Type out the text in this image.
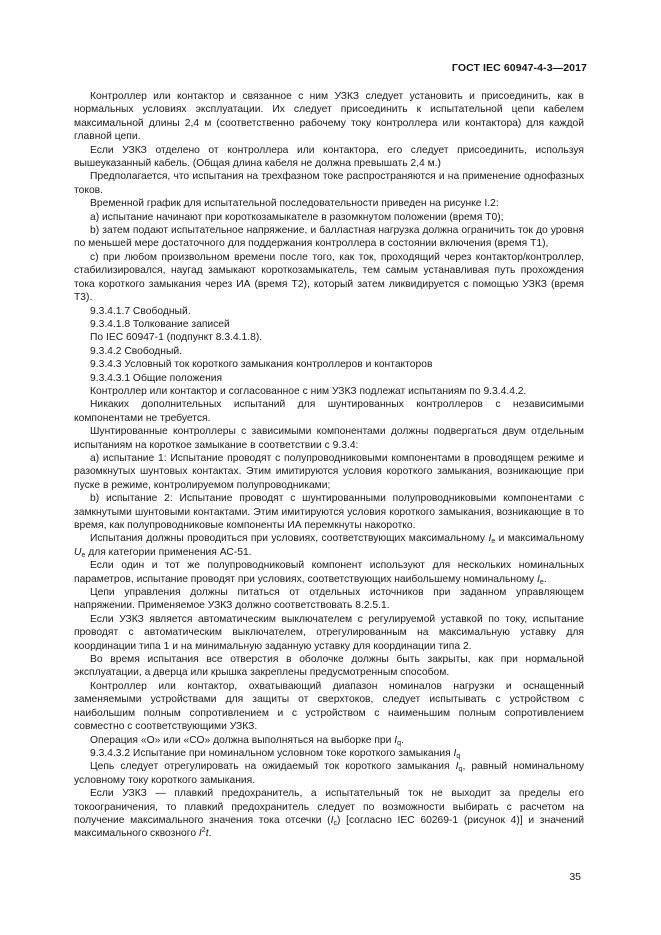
ГОСТ IEC 60947-4-3—2017

Контроллер или контактор и связанное с ним УЗКЗ следует установить и присоединить, как в нормальных условиях эксплуатации. Их следует присоединить к испытательной цепи кабелем максимальной длины 2,4 м (соответственно рабочему току контроллера или контактора) для каждой главной цепи.

Если УЗКЗ отделено от контроллера или контактора, его следует присоединить, используя вышеуказанный кабель. (Общая длина кабеля не должна превышать 2,4 м.)

Предполагается, что испытания на трехфазном токе распространяются и на применение однофазных токов.

Временной график для испытательной последовательности приведен на рисунке I.2:

а) испытание начинают при короткозамыкателе в разомкнутом положении (время Т0);

b) затем подают испытательное напряжение, и балластная нагрузка должна ограничить ток до уровня по меньшей мере достаточного для поддержания контроллера в состоянии включения (время Т1),

c) при любом произвольном времени после того, как ток, проходящий через контактор/контроллер, стабилизировался, наугад замыкают короткозамыкатель, тем самым устанавливая путь прохождения тока короткого замыкания через ИА (время Т2), который затем ликвидируется с помощью УЗКЗ (время Т3).

9.3.4.1.7 Свободный.

9.3.4.1.8 Толкование записей

По IEC 60947-1 (подпункт 8.3.4.1.8).

9.3.4.2 Свободный.

9.3.4.3 Условный ток короткого замыкания контроллеров и контакторов

9.3.4.3.1 Общие положения

Контроллер или контактор и согласованное с ним УЗКЗ подлежат испытаниям по 9.3.4.4.2.

Никаких дополнительных испытаний для шунтированных контроллеров с независимыми компонентами не требуется.

Шунтированные контроллеры с зависимыми компонентами должны подвергаться двум отдельным испытаниям на короткое замыкание в соответствии с 9.3.4:

а) испытание 1: Испытание проводят с полупроводниковыми компонентами в проводящем режиме и разомкнутых шунтовых контактах. Этим имитируются условия короткого замыкания, возникающие при пуске в режиме, контролируемом полупроводниками;

b) испытание 2: Испытание проводят с шунтированными полупроводниковыми компонентами с замкнутыми шунтовыми контактами. Этим имитируются условия короткого замыкания, возникающие в то время, как полупроводниковые компоненты ИА перемкнуты накоротко.

Испытания должны проводиться при условиях, соответствующих максимальному $I_e$ и максимальному $U_e$ для категории применения АС-51.

Если один и тот же полупроводниковый компонент используют для нескольких номинальных параметров, испытание проводят при условиях, соответствующих наибольшему номинальному $I_e$.

Цепи управления должны питаться от отдельных источников при заданном управляющем напряжении. Применяемое УЗКЗ должно соответствовать 8.2.5.1.

Если УЗКЗ является автоматическим выключателем с регулируемой уставкой по току, испытание проводят с автоматическим выключателем, отрегулированным на максимальную уставку для координации типа 1 и на минимальную заданную уставку для координации типа 2.

Во время испытания все отверстия в оболочке должны быть закрыты, как при нормальной эксплуатации, а дверца или крышка закреплены предусмотренным способом.

Контроллер или контактор, охватывающий диапазон номиналов нагрузки и оснащенный заменяемыми устройствами для защиты от сверхтоков, следует испытывать с устройством с наибольшим полным сопротивлением и с устройством с наименьшим полным сопротивлением совместно с соответствующими УЗКЗ.

Операция «О» или «СО» должна выполняться на выборке при $I_q$.

9.3.4.3.2 Испытание при номинальном условном токе короткого замыкания $I_q$

Цепь следует отрегулировать на ожидаемый ток короткого замыкания $I_q$, равный номинальному условному току короткого замыкания.

Если УЗКЗ — плавкий предохранитель, а испытательный ток не выходит за пределы его токоограничения, то плавкий предохранитель следует по возможности выбирать с расчетом на получение максимального значения тока отсечки $(I_c)$ [согласно IEC 60269-1 (рисунок 4)] и значений максимального сквозного $I^2t$.

35
